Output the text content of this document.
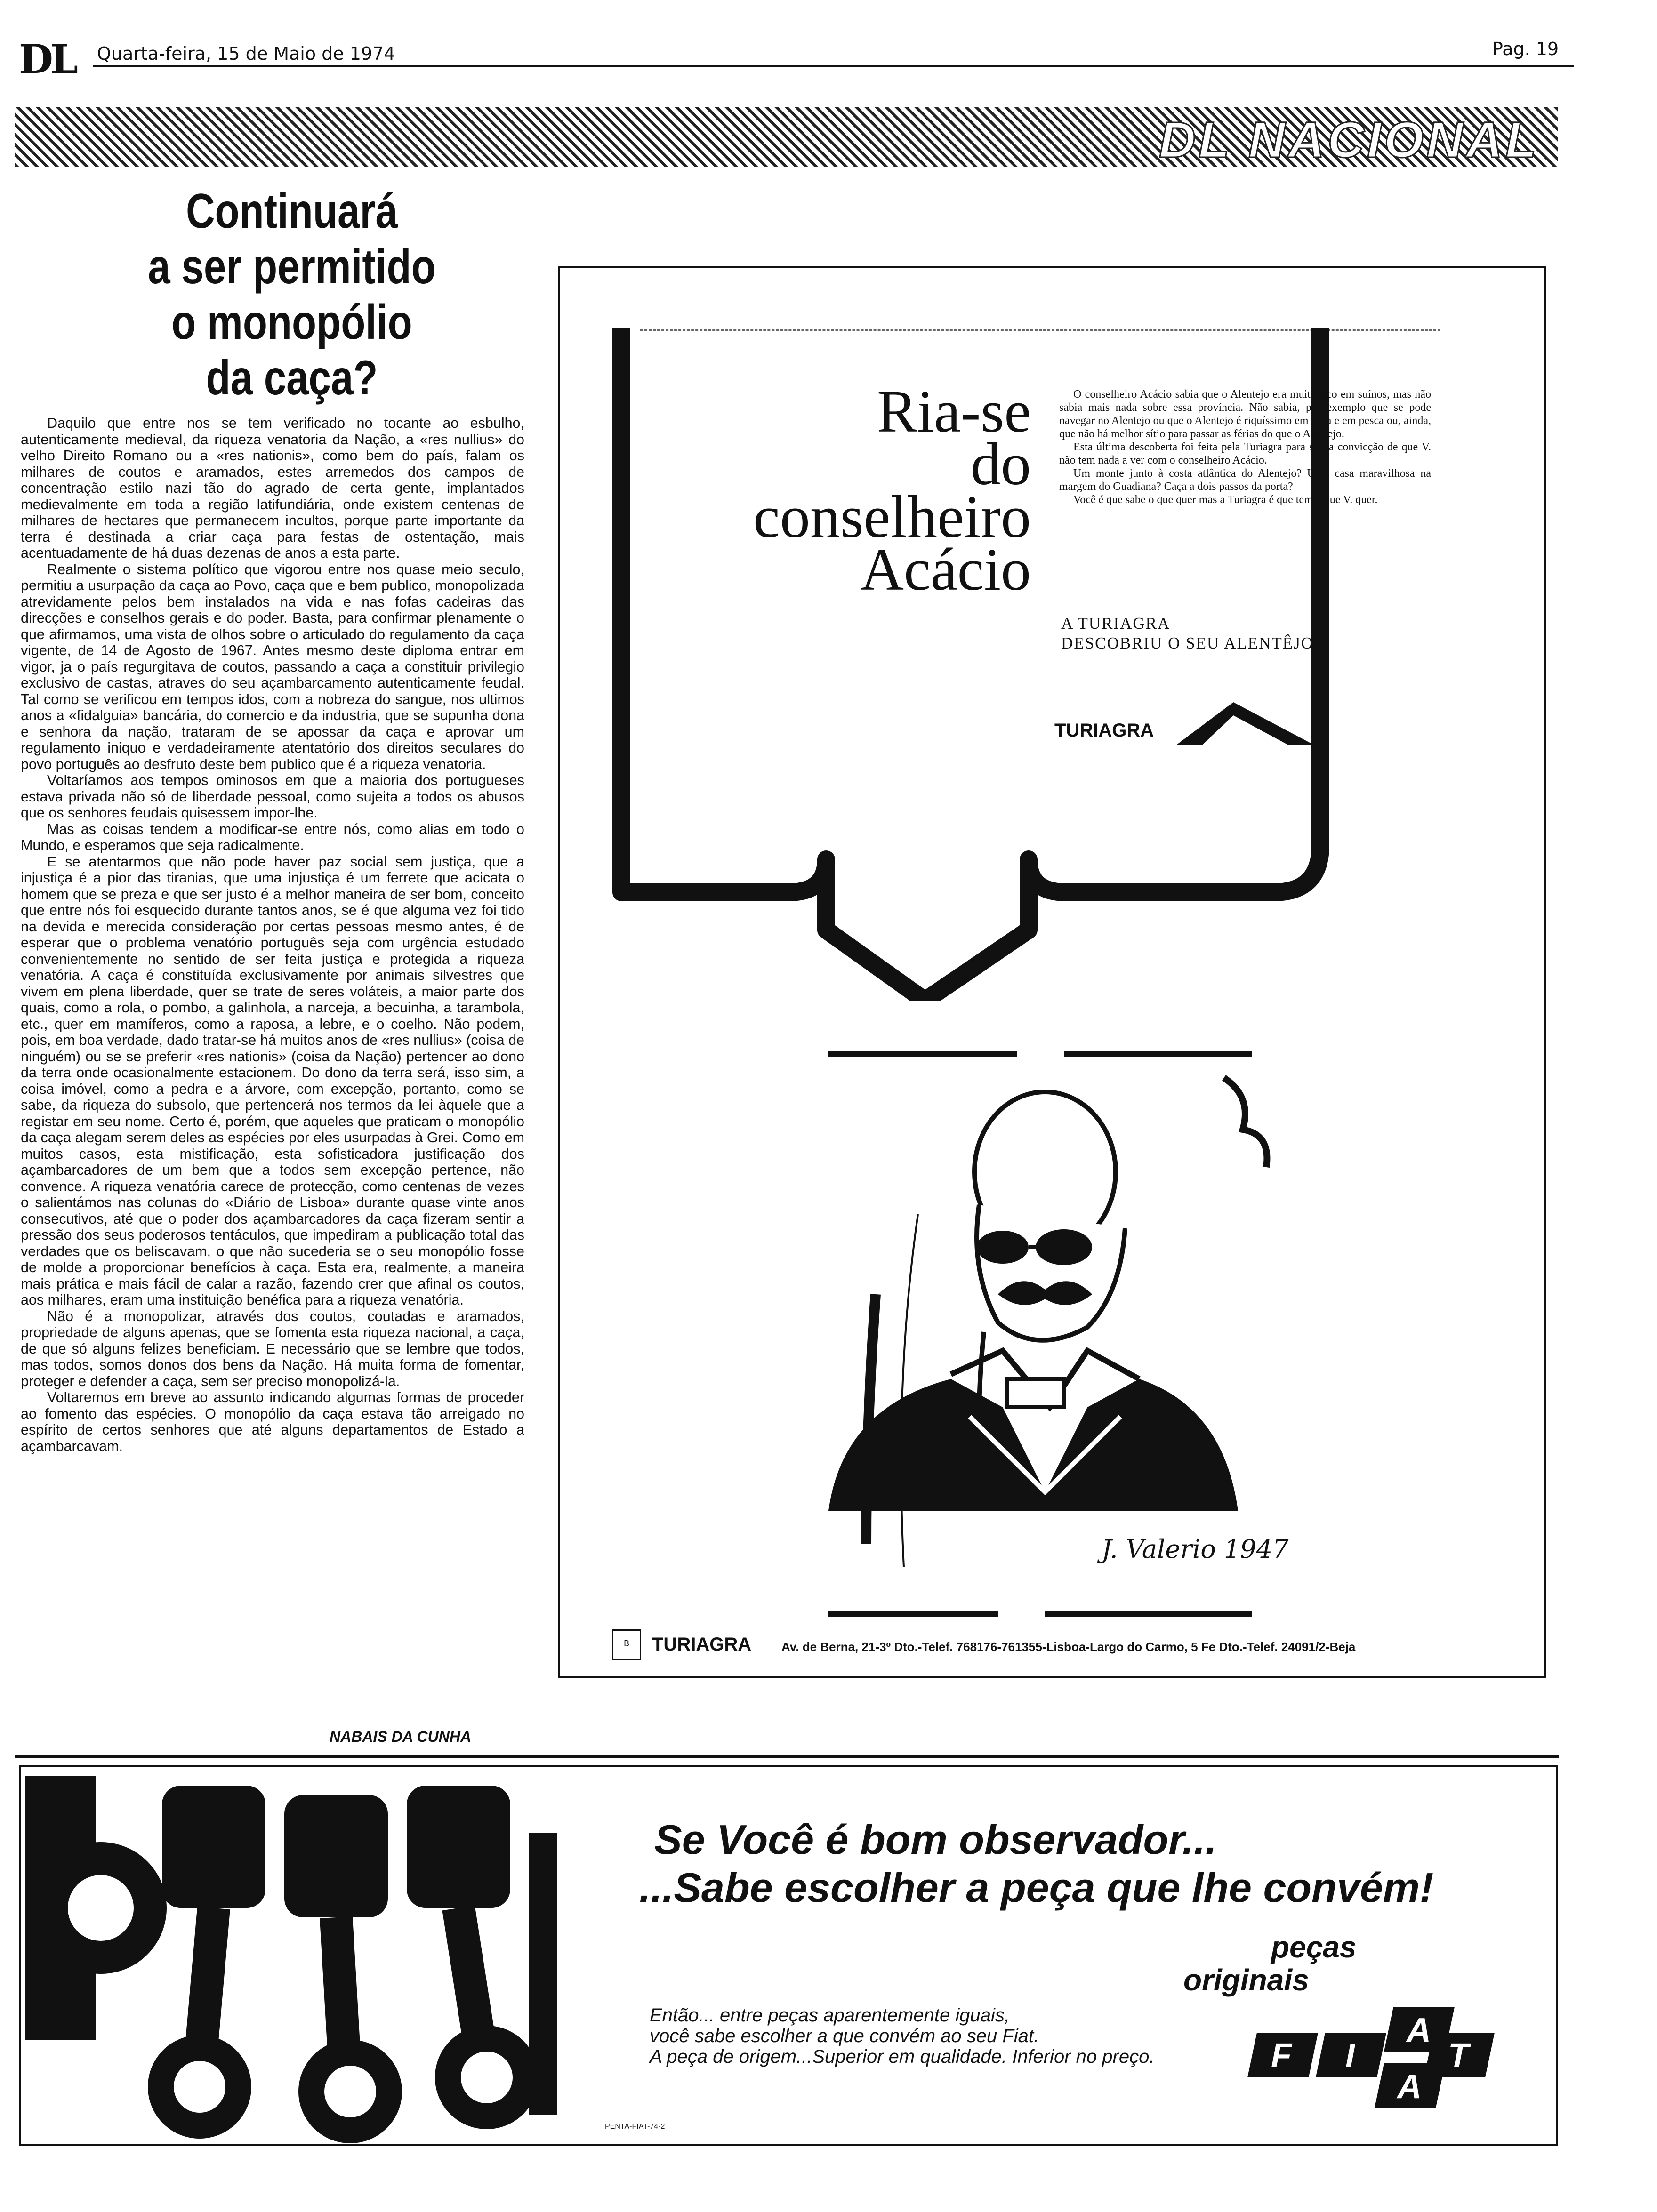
DL Quarta-feira, 15 de Maio de 1974	Pag. 19
DL NACIONAL
Continuará
a ser permitido
o monopólio
da caça?

Daquilo que entre nos se tem verificado no tocante ao esbulho, autenticamente medieval, da riqueza venatoria da Nação, a «res nullius» do velho Direito Romano ou a «res nationis», como bem do país, falam os milhares de coutos e aramados, estes arremedos dos campos de concentração estilo nazi tão do agrado de certa gente, implantados medievalmente em toda a região latifundiária, onde existem centenas de milhares de hectares que permanecem incultos, porque parte importante da terra é destinada a criar caça para festas de ostentação, mais acentuadamente de há duas dezenas de anos a esta parte.

Realmente o sistema político que vigorou entre nos quase meio seculo, permitiu a usurpação da caça ao Povo, caça que e bem publico, monopolizada atrevidamente pelos bem instalados na vida e nas fofas cadeiras das direcções e conselhos gerais e do poder. Basta, para confirmar plenamente o que afirmamos, uma vista de olhos sobre o articulado do regulamento da caça vigente, de 14 de Agosto de 1967. Antes mesmo deste diploma entrar em vigor, ja o país regurgitava de coutos, passando a caça a constituir privilegio exclusivo de castas, atraves do seu açambarcamento autenticamente feudal. Tal como se verificou em tempos idos, com a nobreza do sangue, nos ultimos anos a «fidalguia» bancária, do comercio e da industria, que se supunha dona e senhora da nação, trataram de se apossar da caça e aprovar um regulamento iniquo e verdadeiramente atentatório dos direitos seculares do povo português ao desfruto deste bem publico que é a riqueza venatoria.

Voltaríamos aos tempos ominosos em que a maioria dos portugueses estava privada não só de liberdade pessoal, como sujeita a todos os abusos que os senhores feudais quisessem impor-lhe.

Mas as coisas tendem a modificar-se entre nós, como alias em todo o Mundo, e esperamos que seja radicalmente.

E se atentarmos que não pode haver paz social sem justiça, que a injustiça é a pior das tiranias, que uma injustiça é um ferrete que acicata o homem que se preza e que ser justo é a melhor maneira de ser bom, conceito que entre nós foi esquecido durante tantos anos, se é que alguma vez foi tido na devida e merecida consideração por certas pessoas mesmo antes, é de esperar que o problema venatório português seja com urgência estudado convenientemente no sentido de ser feita justiça e protegida a riqueza venatória. A caça é constituída exclusivamente por animais silvestres que vivem em plena liberdade, quer se trate de seres voláteis, a maior parte dos quais, como a rola, o pombo, a galinhola, a narceja, a becuinha, a tarambola, etc., quer em mamíferos, como a raposa, a lebre, e o coelho. Não podem, pois, em boa verdade, dado tratar-se há muitos anos de «res nullius» (coisa de ninguém) ou se se preferir «res nationis» (coisa da Nação) pertencer ao dono da terra onde ocasionalmente estacionem. Do dono da terra será, isso sim, a coisa imóvel, como a pedra e a árvore, com excepção, portanto, como se sabe, da riqueza do subsolo, que pertencerá nos termos da lei àquele que a registar em seu nome. Certo é, porém, que aqueles que praticam o monopólio da caça alegam serem deles as espécies por eles usurpadas à Grei. Como em muitos casos, esta mistificação, esta sofisticadora justificação dos açambarcadores de um bem que a todos sem excepção pertence, não convence. A riqueza venatória carece de protecção, como centenas de vezes o salientámos nas colunas do «Diário de Lisboa» durante quase vinte anos consecutivos, até que o poder dos açambarcadores da caça fizeram sentir a pressão dos seus poderosos tentáculos, que impediram a publicação total das verdades que os beliscavam, o que não sucederia se o seu monopólio fosse de molde a proporcionar benefícios à caça. Esta era, realmente, a maneira mais prática e mais fácil de calar a razão, fazendo crer que afinal os coutos, aos milhares, eram uma instituição benéfica para a riqueza venatória.

Não é a monopolizar, através dos coutos, coutadas e aramados, propriedade de alguns apenas, que se fomenta esta riqueza nacional, a caça, de que só alguns felizes beneficiam. E necessário que se lembre que todos, mas todos, somos donos dos bens da Nação. Há muita forma de fomentar, proteger e defender a caça, sem ser preciso monopolizá-la.

Voltaremos em breve ao assunto indicando algumas formas de proceder ao fomento das espécies. O monopólio da caça estava tão arreigado no espírito de certos senhores que até alguns departamentos de Estado a açambarcavam.

NABAIS DA CUNHA
Ria-se
do
conselheiro
Acácio

O conselheiro Acácio sabia que o Alentejo era muito rico em suínos, mas não sabia mais nada sobre essa província. Não sabia, por exemplo que se pode navegar no Alentejo ou que o Alentejo é riquíssimo em caça e em pesca ou, ainda, que não há melhor sítio para passar as férias do que o Alentejo.

Esta última descoberta foi feita pela Turiagra para si, na convicção de que V. não tem nada a ver com o conselheiro Acácio.

Um monte junto à costa atlântica do Alentejo? Uma casa maravilhosa na margem do Guadiana? Caça a dois passos da porta?

Você é que sabe o que quer mas a Turiagra é que tem o que V. quer.

A TURIAGRA
DESCOBRIU O SEU ALENTÊJO
TURIAGRA
J. Valerio 1947
B	TURIAGRA Av. de Berna, 21-3º Dto.-Telef. 768176-761355-Lisboa-Largo do Carmo, 5 Fe Dto.-Telef. 24091/2-Beja
Se Você é bom observador...
...Sabe escolher a peça que lhe convém!
peças
originais
Então... entre peças aparentemente iguais,
você sabe escolher a que convém ao seu Fiat.
A peça de origem...Superior em qualidade. Inferior no preço.	F I
A
T
A
PENTA-FIAT-74-2
